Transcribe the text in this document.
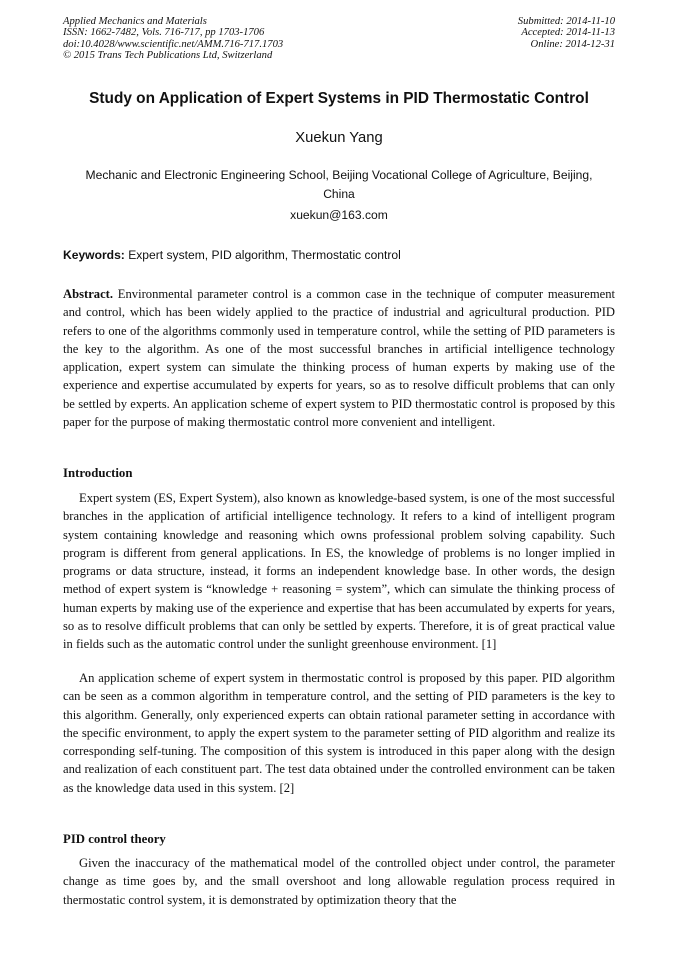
Applied Mechanics and Materials
ISSN: 1662-7482, Vols. 716-717, pp 1703-1706
doi:10.4028/www.scientific.net/AMM.716-717.1703
© 2015 Trans Tech Publications Ltd, Switzerland
Submitted: 2014-11-10
Accepted: 2014-11-13
Online: 2014-12-31
Study on Application of Expert Systems in PID Thermostatic Control
Xuekun Yang
Mechanic and Electronic Engineering School, Beijing Vocational College of Agriculture, Beijing, China
xuekun@163.com
Keywords: Expert system, PID algorithm, Thermostatic control

Abstract. Environmental parameter control is a common case in the technique of computer measurement and control, which has been widely applied to the practice of industrial and agricultural production. PID refers to one of the algorithms commonly used in temperature control, while the setting of PID parameters is the key to the algorithm. As one of the most successful branches in artificial intelligence technology application, expert system can simulate the thinking process of human experts by making use of the experience and expertise accumulated by experts for years, so as to resolve difficult problems that can only be settled by experts. An application scheme of expert system to PID thermostatic control is proposed by this paper for the purpose of making thermostatic control more convenient and intelligent.

Introduction

Expert system (ES, Expert System), also known as knowledge-based system, is one of the most successful branches in the application of artificial intelligence technology. It refers to a kind of intelligent program system containing knowledge and reasoning which owns professional problem solving capability. Such program is different from general applications. In ES, the knowledge of problems is no longer implied in programs or data structure, instead, it forms an independent knowledge base. In other words, the design method of expert system is “knowledge + reasoning = system”, which can simulate the thinking process of human experts by making use of the experience and expertise that has been accumulated by experts for years, so as to resolve difficult problems that can only be settled by experts. Therefore, it is of great practical value in fields such as the automatic control under the sunlight greenhouse environment. [1]

An application scheme of expert system in thermostatic control is proposed by this paper. PID algorithm can be seen as a common algorithm in temperature control, and the setting of PID parameters is the key to this algorithm. Generally, only experienced experts can obtain rational parameter setting in accordance with the specific environment, to apply the expert system to the parameter setting of PID algorithm and realize its corresponding self-tuning. The composition of this system is introduced in this paper along with the design and realization of each constituent part. The test data obtained under the controlled environment can be taken as the knowledge data used in this system. [2]

PID control theory

Given the inaccuracy of the mathematical model of the controlled object under control, the parameter change as time goes by, and the small overshoot and long allowable regulation process required in thermostatic control system, it is demonstrated by optimization theory that the
